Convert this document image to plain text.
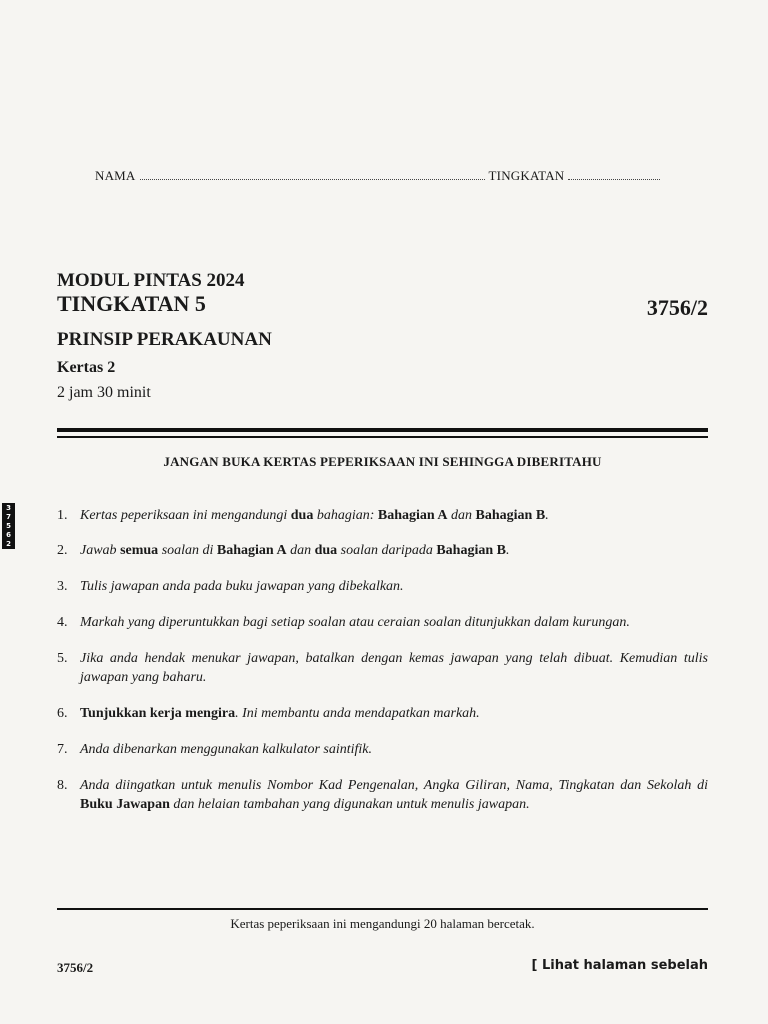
NAMA	TINGKATAN
MODUL PINTAS 2024
TINGKATAN 5
PRINSIP PERAKAUNAN
Kertas 2
2 jam 30 minit
3756/2
JANGAN BUKA KERTAS PEPERIKSAAN INI SEHINGGA DIBERITAHU
3
7
5
6
2
1. Kertas peperiksaan ini mengandungi dua bahagian: Bahagian A dan Bahagian B.
2. Jawab semua soalan di Bahagian A dan dua soalan daripada Bahagian B.
3. Tulis jawapan anda pada buku jawapan yang dibekalkan.
4. Markah yang diperuntukkan bagi setiap soalan atau ceraian soalan ditunjukkan dalam kurungan.
5. Jika anda hendak menukar jawapan, batalkan dengan kemas jawapan yang telah dibuat. Kemudian tulis jawapan yang baharu.
6. Tunjukkan kerja mengira. Ini membantu anda mendapatkan markah.
7. Anda dibenarkan menggunakan kalkulator saintifik.
8. Anda diingatkan untuk menulis Nombor Kad Pengenalan, Angka Giliran, Nama, Tingkatan dan Sekolah di Buku Jawapan dan helaian tambahan yang digunakan untuk menulis jawapan.
Kertas peperiksaan ini mengandungi 20 halaman bercetak.
3756/2	[ Lihat halaman sebelah
